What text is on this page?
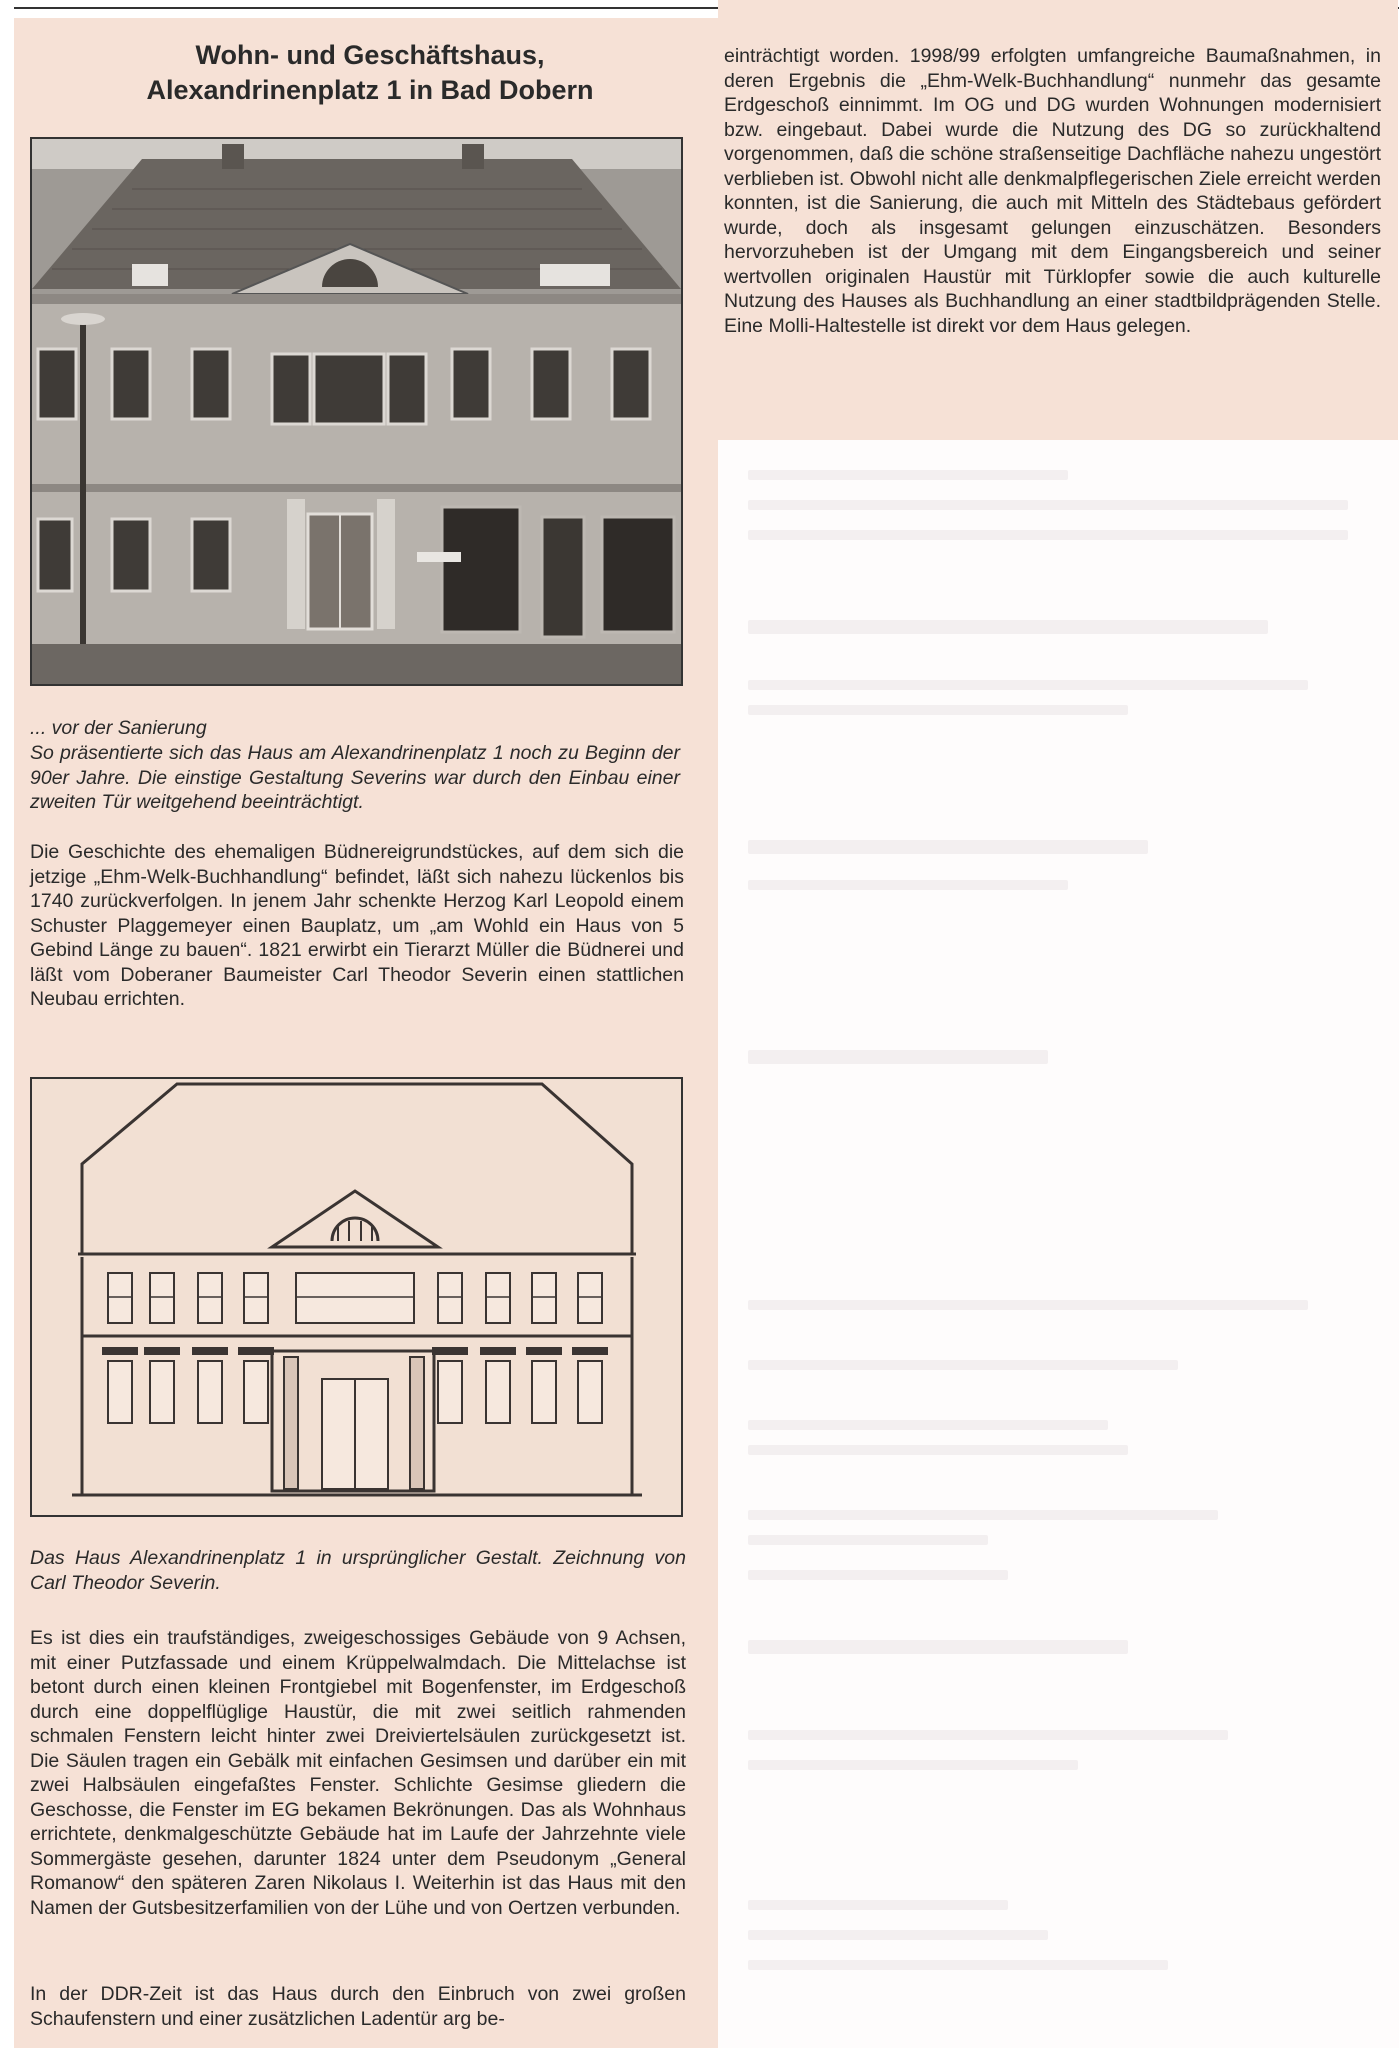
Wohn- und Geschäftshaus,
Alexandrinenplatz 1 in Bad Dobern

... vor der Sanierung

So präsentierte sich das Haus am Alexandrinenplatz 1 noch zu Beginn der 90er Jahre. Die einstige Gestaltung Severins war durch den Einbau einer zweiten Tür weitgehend beeinträchtigt.

Die Geschichte des ehemaligen Büdnereigrundstückes, auf dem sich die jetzige „Ehm-Welk-Buchhandlung“ befindet, läßt sich nahezu lückenlos bis 1740 zurückverfolgen. In jenem Jahr schenkte Herzog Karl Leopold einem Schuster Plaggemeyer einen Bauplatz, um „am Wohld ein Haus von 5 Gebind Länge zu bauen“. 1821 erwirbt ein Tierarzt Müller die Büdnerei und läßt vom Doberaner Baumeister Carl Theodor Severin einen stattlichen Neubau errichten.

Das Haus Alexandrinenplatz 1 in ursprünglicher Gestalt. Zeichnung von Carl Theodor Severin.

Es ist dies ein traufständiges, zweigeschossiges Gebäude von 9 Achsen, mit einer Putzfassade und einem Krüppelwalmdach. Die Mittelachse ist betont durch einen kleinen Frontgiebel mit Bogenfenster, im Erdgeschoß durch eine doppelflüglige Haustür, die mit zwei seitlich rahmenden schmalen Fenstern leicht hinter zwei Dreiviertelsäulen zurückgesetzt ist. Die Säulen tragen ein Gebälk mit einfachen Gesimsen und darüber ein mit zwei Halbsäulen eingefaßtes Fenster. Schlichte Gesimse gliedern die Geschosse, die Fenster im EG bekamen Bekrönungen. Das als Wohnhaus errichtete, denkmalgeschützte Gebäude hat im Laufe der Jahrzehnte viele Sommergäste gesehen, darunter 1824 unter dem Pseudonym „General Romanow“ den späteren Zaren Nikolaus I. Weiterhin ist das Haus mit den Namen der Gutsbesitzerfamilien von der Lühe und von Oertzen verbunden.

In der DDR-Zeit ist das Haus durch den Einbruch von zwei großen Schaufenstern und einer zusätzlichen Ladentür arg be-

einträchtigt worden. 1998/99 erfolgten umfangreiche Baumaßnahmen, in deren Ergebnis die „Ehm-Welk-Buchhandlung“ nunmehr das gesamte Erdgeschoß einnimmt. Im OG und DG wurden Wohnungen modernisiert bzw. eingebaut. Dabei wurde die Nutzung des DG so zurückhaltend vorgenommen, daß die schöne straßenseitige Dachfläche nahezu ungestört verblieben ist. Obwohl nicht alle denkmalpflegerischen Ziele erreicht werden konnten, ist die Sanierung, die auch mit Mitteln des Städtebaus gefördert wurde, doch als insgesamt gelungen einzuschätzen. Besonders hervorzuheben ist der Umgang mit dem Eingangsbereich und seiner wertvollen originalen Haustür mit Türklopfer sowie die auch kulturelle Nutzung des Hauses als Buchhandlung an einer stadtbildprägenden Stelle. Eine Molli-Haltestelle ist direkt vor dem Haus gelegen.
